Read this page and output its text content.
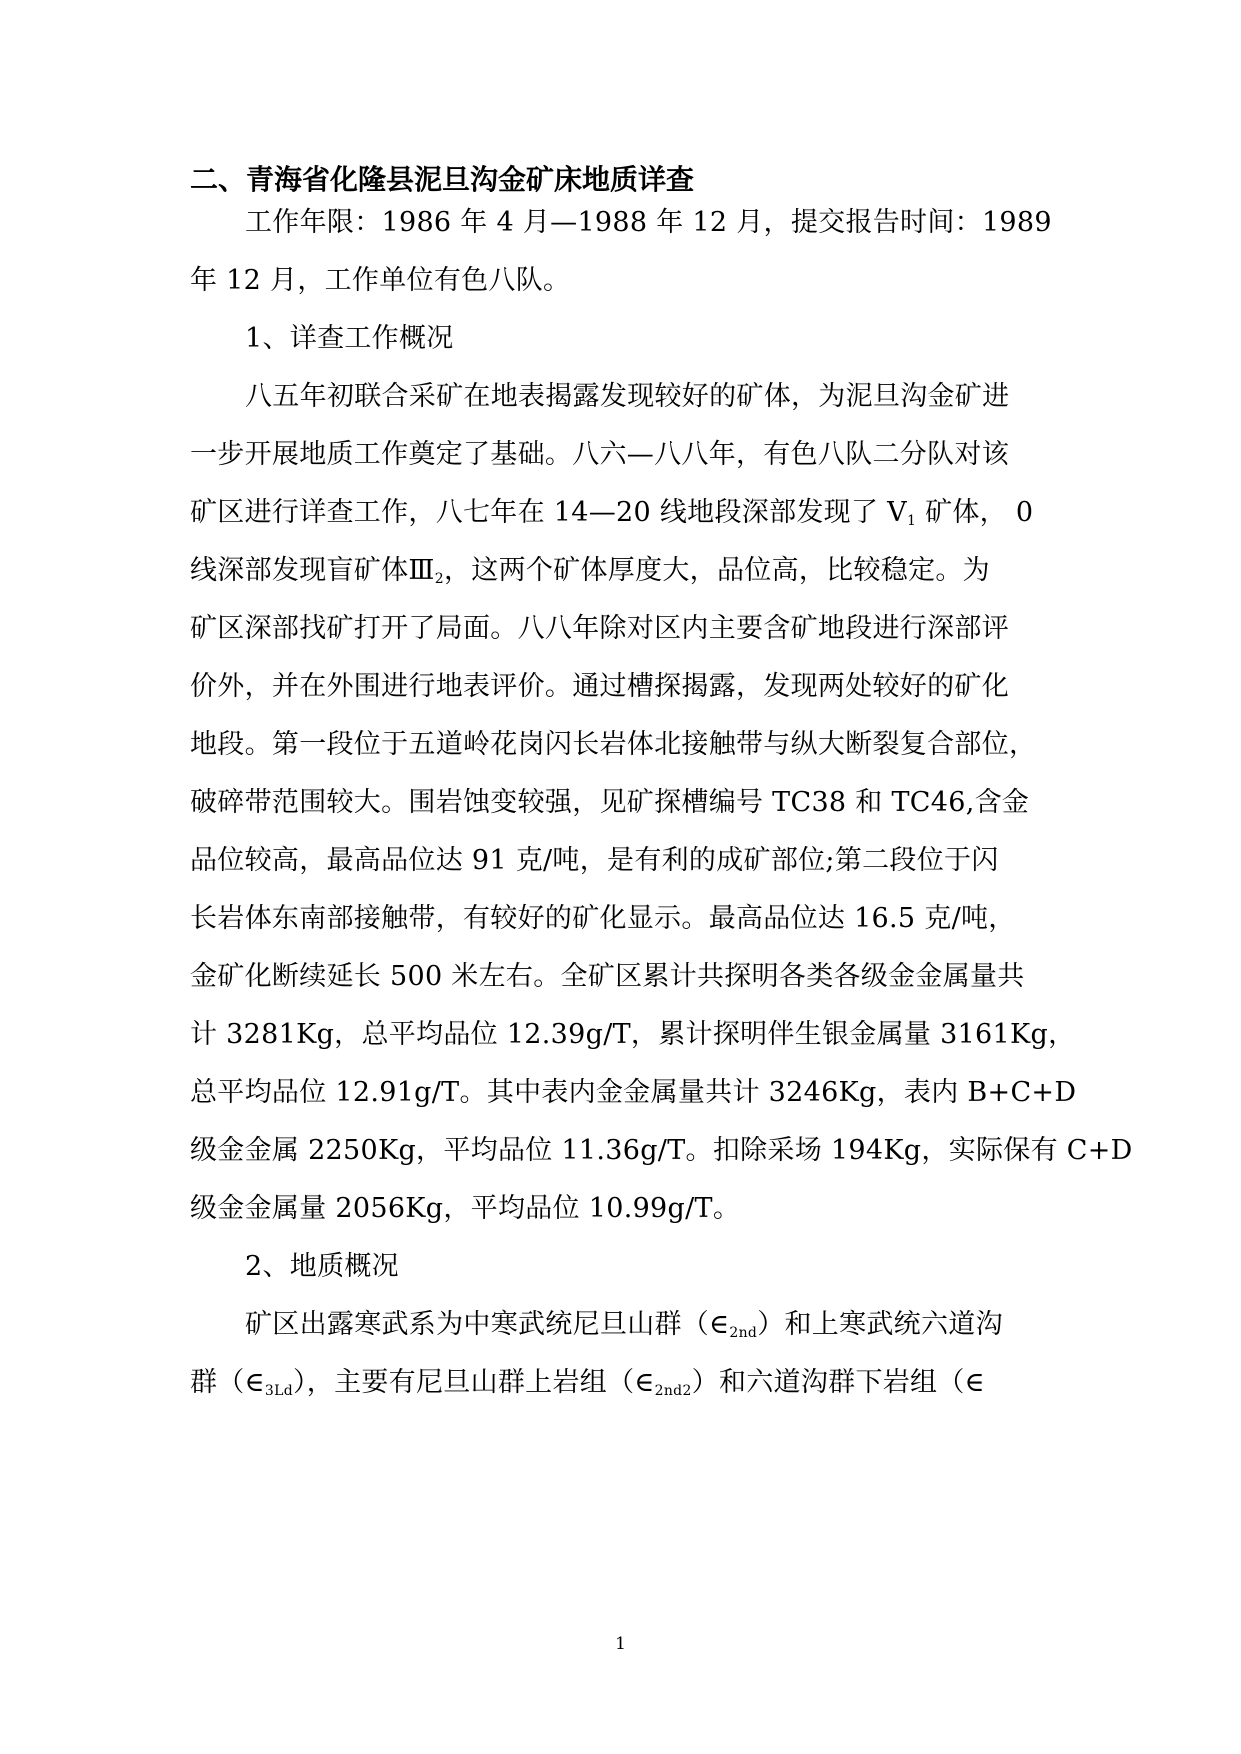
二、青海省化隆县泥旦沟金矿床地质详查
工作年限：1986 年 4 月—1988 年 12 月，提交报告时间：1989
年 12 月，工作单位有色八队。
1、详查工作概况
八五年初联合采矿在地表揭露发现较好的矿体，为泥旦沟金矿进
一步开展地质工作奠定了基础。八六—八八年，有色八队二分队对该
矿区进行详查工作，八七年在 14—20 线地段深部发现了 $V_1$ 矿体， 0
线深部发现盲矿体$Ⅲ_2$，这两个矿体厚度大，品位高，比较稳定。为
矿区深部找矿打开了局面。八八年除对区内主要含矿地段进行深部评
价外，并在外围进行地表评价。通过槽探揭露，发现两处较好的矿化
地段。第一段位于五道岭花岗闪长岩体北接触带与纵大断裂复合部位，
破碎带范围较大。围岩蚀变较强，见矿探槽编号 TC38 和 TC46,含金
品位较高，最高品位达 91 克/吨，是有利的成矿部位;第二段位于闪
长岩体东南部接触带，有较好的矿化显示。最高品位达 16.5 克/吨，
金矿化断续延长 500 米左右。全矿区累计共探明各类各级金金属量共
计 3281Kg，总平均品位 12.39g/T，累计探明伴生银金属量 3161Kg，
总平均品位 12.91g/T。其中表内金金属量共计 3246Kg，表内 B+C+D
级金金属 2250Kg，平均品位 11.36g/T。扣除采场 194Kg，实际保有 C+D
级金金属量 2056Kg，平均品位 10.99g/T。
2、地质概况
矿区出露寒武系为中寒武统尼旦山群$(\in_{2nd})$和上寒武统六道沟
群$(\in_{3Ld})$，主要有尼旦山群上岩组$(\in_{2nd2})$和六道沟群下岩组（∈
1
